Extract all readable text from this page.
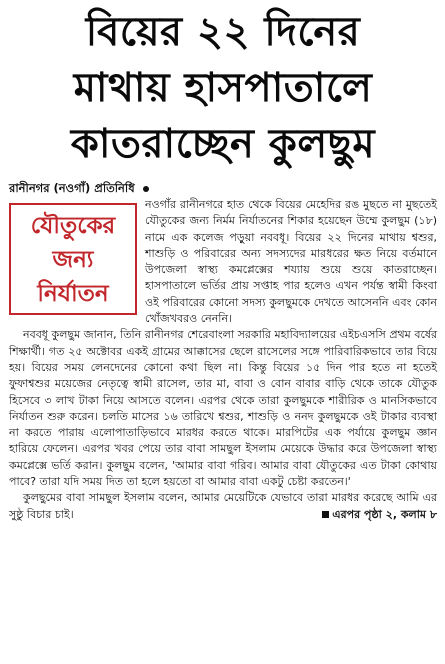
বিয়ের ২২ দিনের
মাথায় হাসপাতালে
কাতরাচ্ছেন কুলছুম
রানীনগর (নওগাঁ) প্রতিনিধি

যৌতুকের
জন্য
নির্যাতন
নওগাঁর রানীনগরে হাত থেকে বিয়ের মেহেদির রঙ মুছতে না মুছতেই যৌতুকের জন্য নির্মম নির্যাতনের শিকার হয়েছেন উম্মে কুলছুম (১৮) নামে এক কলেজ পড়ুয়া নববধূ। বিয়ের ২২ দিনের মাথায় শ্বশুর, শাশুড়ি ও পরিবারের অন্য সদস্যদের মারধরের ক্ষত নিয়ে বর্তমানে উপজেলা স্বাস্থ্য কমপ্লেক্সের শয্যায় শুয়ে শুয়ে কাতরাচ্ছেন। হাসপাতালে ভর্তির প্রায় সপ্তাহ পার হলেও এখন পর্যন্ত স্বামী কিংবা ওই পরিবারের কোনো সদস্য কুলছুমকে দেখতে আসেননি এবং কোন খোঁজখবরও নেননি।

নববধূ কুলছুম জানান, তিনি রানীনগর শেরেবাংলা সরকারি মহাবিদ্যালয়ের এইচএসসি প্রথম বর্ষের শিক্ষার্থী। গত ২৫ অক্টোবর একই গ্রামের আক্কাসের ছেলে রাসেলের সঙ্গে পারিবারিকভাবে তার বিয়ে হয়। বিয়ের সময় লেনদেনের কোনো কথা ছিল না। কিন্তু বিয়ের ১৫ দিন পার হতে না হতেই ফুফাশ্বশুর ময়েজের নেতৃত্বে স্বামী রাসেল, তার মা, বাবা ও বোন বাবার বাড়ি থেকে তাকে যৌতুক হিসেবে ৩ লাখ টাকা নিয়ে আসতে বলেন। এরপর থেকে তারা কুলছুমকে শারীরিক ও মানসিকভাবে নির্যাতন শুরু করেন। চলতি মাসের ১৬ তারিখে শ্বশুর, শাশুড়ি ও ননদ কুলছুমকে ওই টাকার ব্যবস্থা না করতে পারায় এলোপাতাড়িভাবে মারধর করতে থাকে। মারপিটের এক পর্যায়ে কুলছুম জ্ঞান হারিয়ে ফেলেন। এরপর খবর পেয়ে তার বাবা সামছুল ইসলাম মেয়েকে উদ্ধার করে উপজেলা স্বাস্থ্য কমপ্লেক্সে ভর্তি করান। কুলছুম বলেন, 'আমার বাবা গরিব। আমার বাবা যৌতুকের এত টাকা কোথায় পাবে? তারা যদি সময় দিত তা হলে হয়তো বা আমার বাবা একটু চেষ্টা করতেন।'

কুলছুমের বাবা সামছুল ইসলাম বলেন, আমার মেয়েটিকে যেভাবে তারা মারধর করেছে আমি এর সুষ্ঠু বিচার চাই।	এরপর পৃষ্ঠা ২, কলাম ৮
